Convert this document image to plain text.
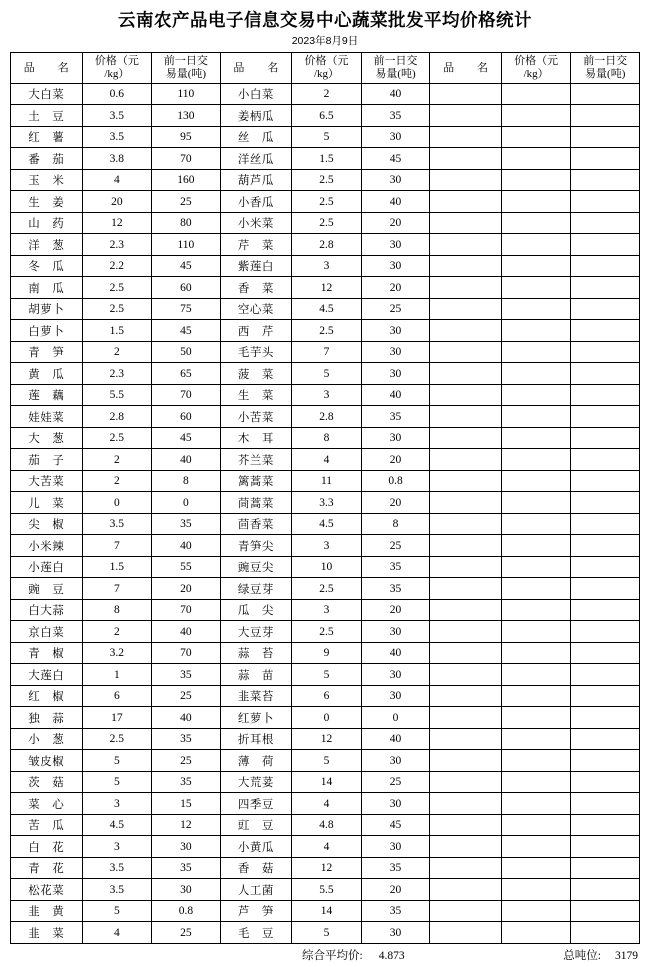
云南农产品电子信息交易中心蔬菜批发平均价格统计
2023年8月9日
品　名	价格（元
/kg）	前一日交
易量(吨)	品　名	价格（元
/kg）	前一日交
易量(吨)	品　名	价格（元
/kg）	前一日交
易量(吨)
大白菜	0.6	110	小白菜	2	40			
土　豆	3.5	130	姜柄瓜	6.5	35			
红　薯	3.5	95	丝　瓜	5	30			
番　茄	3.8	70	洋丝瓜	1.5	45			
玉　米	4	160	葫芦瓜	2.5	30			
生　姜	20	25	小香瓜	2.5	40			
山　药	12	80	小米菜	2.5	20			
洋　葱	2.3	110	芹　菜	2.8	30			
冬　瓜	2.2	45	紫莲白	3	30			
南　瓜	2.5	60	香　菜	12	20			
胡萝卜	2.5	75	空心菜	4.5	25			
白萝卜	1.5	45	西　芹	2.5	30			
青　笋	2	50	毛芋头	7	30			
黄　瓜	2.3	65	菠　菜	5	30			
莲　藕	5.5	70	生　菜	3	40			
娃娃菜	2.8	60	小苦菜	2.8	35			
大　葱	2.5	45	木　耳	8	30			
茄　子	2	40	芥兰菜	4	20			
大苦菜	2	8	篱蒿菜	11	0.8			
儿　菜	0	0	茼蒿菜	3.3	20			
尖　椒	3.5	35	茴香菜	4.5	8			
小米辣	7	40	青笋尖	3	25			
小莲白	1.5	55	豌豆尖	10	35			
豌　豆	7	20	绿豆芽	2.5	35			
白大蒜	8	70	瓜　尖	3	20			
京白菜	2	40	大豆芽	2.5	30			
青　椒	3.2	70	蒜　苔	9	40			
大莲白	1	35	蒜　苗	5	30			
红　椒	6	25	韭菜苔	6	30			
独　蒜	17	40	红萝卜	0	0			
小　葱	2.5	35	折耳根	12	40			
皱皮椒	5	25	薄　荷	5	30			
茨　菇	5	35	大荒荽	14	25			
菜　心	3	15	四季豆	4	30			
苦　瓜	4.5	12	豇　豆	4.8	45			
白　花	3	30	小黄瓜	4	30			
青　花	3.5	35	香　菇	12	35			
松花菜	3.5	30	人工菌	5.5	20			
韭　黄	5	0.8	芦　笋	14	35			
韭　菜	4	25	毛　豆	5	30			
综合平均价: 4.873	总吨位: 3179
